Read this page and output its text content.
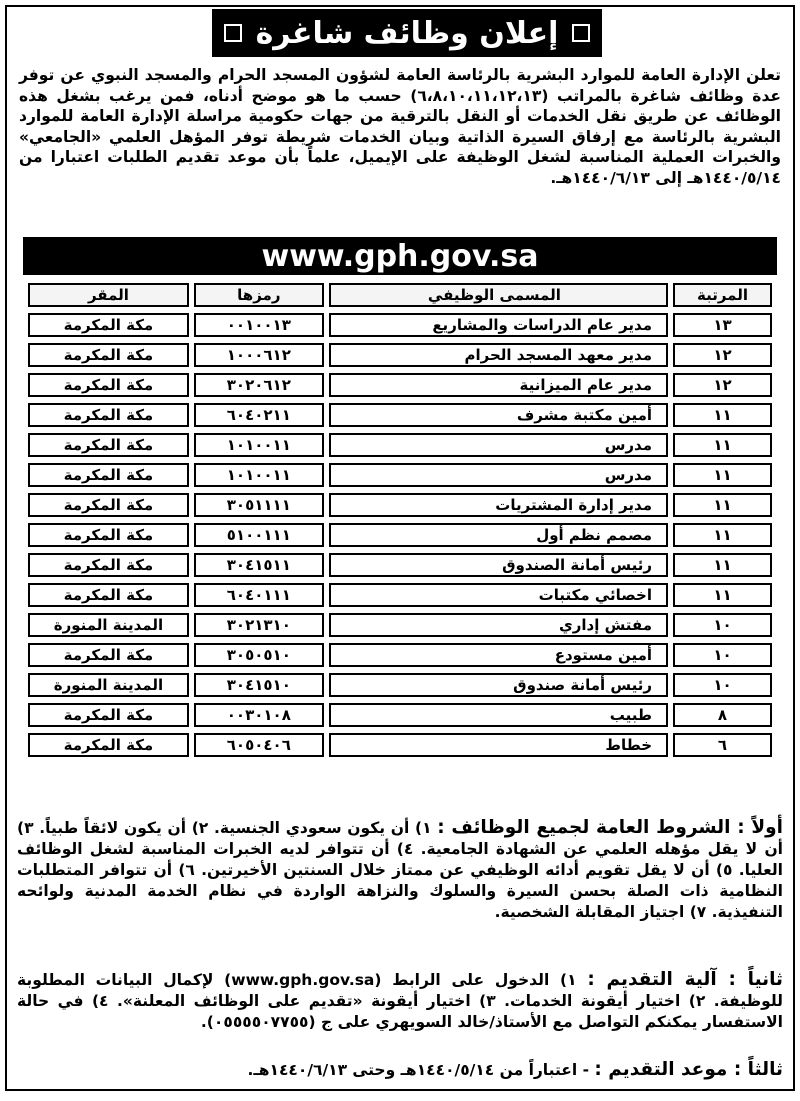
إعلان وظائف شاغرة

تعلن الإدارة العامة للموارد البشرية بالرئاسة العامة لشؤون المسجد الحرام والمسجد النبوي عن توفر عدة وظائف شاغرة بالمراتب (٦،٨،١٠،١١،١٢،١٣) حسب ما هو موضح أدناه، فمن يرغب بشغل هذه الوظائف عن طريق نقل الخدمات أو النقل بالترقية من جهات حكومية مراسلة الإدارة العامة للموارد البشرية بالرئاسة مع إرفاق السيرة الذاتية وبيان الخدمات شريطة توفر المؤهل العلمي «الجامعي» والخبرات العملية المناسبة لشغل الوظيفة على الإيميل، علماً بأن موعد تقديم الطلبات اعتبارا من ١٤٤٠/٥/١٤هـ إلى ١٤٤٠/٦/١٣هـ.

www.gph.gov.sa
المرتبة	المسمى الوظيفي	رمزها	المقر
١٣	مدير عام الدراسات والمشاريع	٠٠١٠٠١٣	مكة المكرمة
١٢	مدير معهد المسجد الحرام	١٠٠٠٦١٢	مكة المكرمة
١٢	مدير عام الميزانية	٣٠٢٠٦١٢	مكة المكرمة
١١	أمين مكتبة مشرف	٦٠٤٠٢١١	مكة المكرمة
١١	مدرس	١٠١٠٠١١	مكة المكرمة
١١	مدرس	١٠١٠٠١١	مكة المكرمة
١١	مدير إدارة المشتريات	٣٠٥١١١١	مكة المكرمة
١١	مصمم نظم أول	٥١٠٠١١١	مكة المكرمة
١١	رئيس أمانة الصندوق	٣٠٤١٥١١	مكة المكرمة
١١	اخصائي مكتبات	٦٠٤٠١١١	مكة المكرمة
١٠	مفتش إداري	٣٠٢١٣١٠	المدينة المنورة
١٠	أمين مستودع	٣٠٥٠٥١٠	مكة المكرمة
١٠	رئيس أمانة صندوق	٣٠٤١٥١٠	المدينة المنورة
٨	طبيب	٠٠٣٠١٠٨	مكة المكرمة
٦	خطاط	٦٠٥٠٤٠٦	مكة المكرمة

أولاً : الشروط العامة لجميع الوظائف : ١) أن يكون سعودي الجنسية. ٢) أن يكون لائقاً طبياً. ٣) أن لا يقل مؤهله العلمي عن الشهادة الجامعية. ٤) أن تتوافر لديه الخبرات المناسبة لشغل الوظائف العليا. ٥) أن لا يقل تقويم أدائه الوظيفي عن ممتاز خلال السنتين الأخيرتين. ٦) أن تتوافر المتطلبات النظامية ذات الصلة بحسن السيرة والسلوك والنزاهة الواردة في نظام الخدمة المدنية ولوائحه التنفيذية. ٧) اجتياز المقابلة الشخصية.

ثانياً : آلية التقديم : ١) الدخول على الرابط (www.gph.gov.sa) لإكمال البيانات المطلوبة للوظيفة. ٢) اختيار أيقونة الخدمات. ٣) اختيار أيقونة «تقديم على الوظائف المعلنة». ٤) في حالة الاستفسار يمكنكم التواصل مع الأستاذ/خالد السويهري على ج (٠٥٥٥٥٠٧٧٥٥).

ثالثاً : موعد التقديم : - اعتباراً من ١٤٤٠/٥/١٤هـ وحتى ١٤٤٠/٦/١٣هـ.
